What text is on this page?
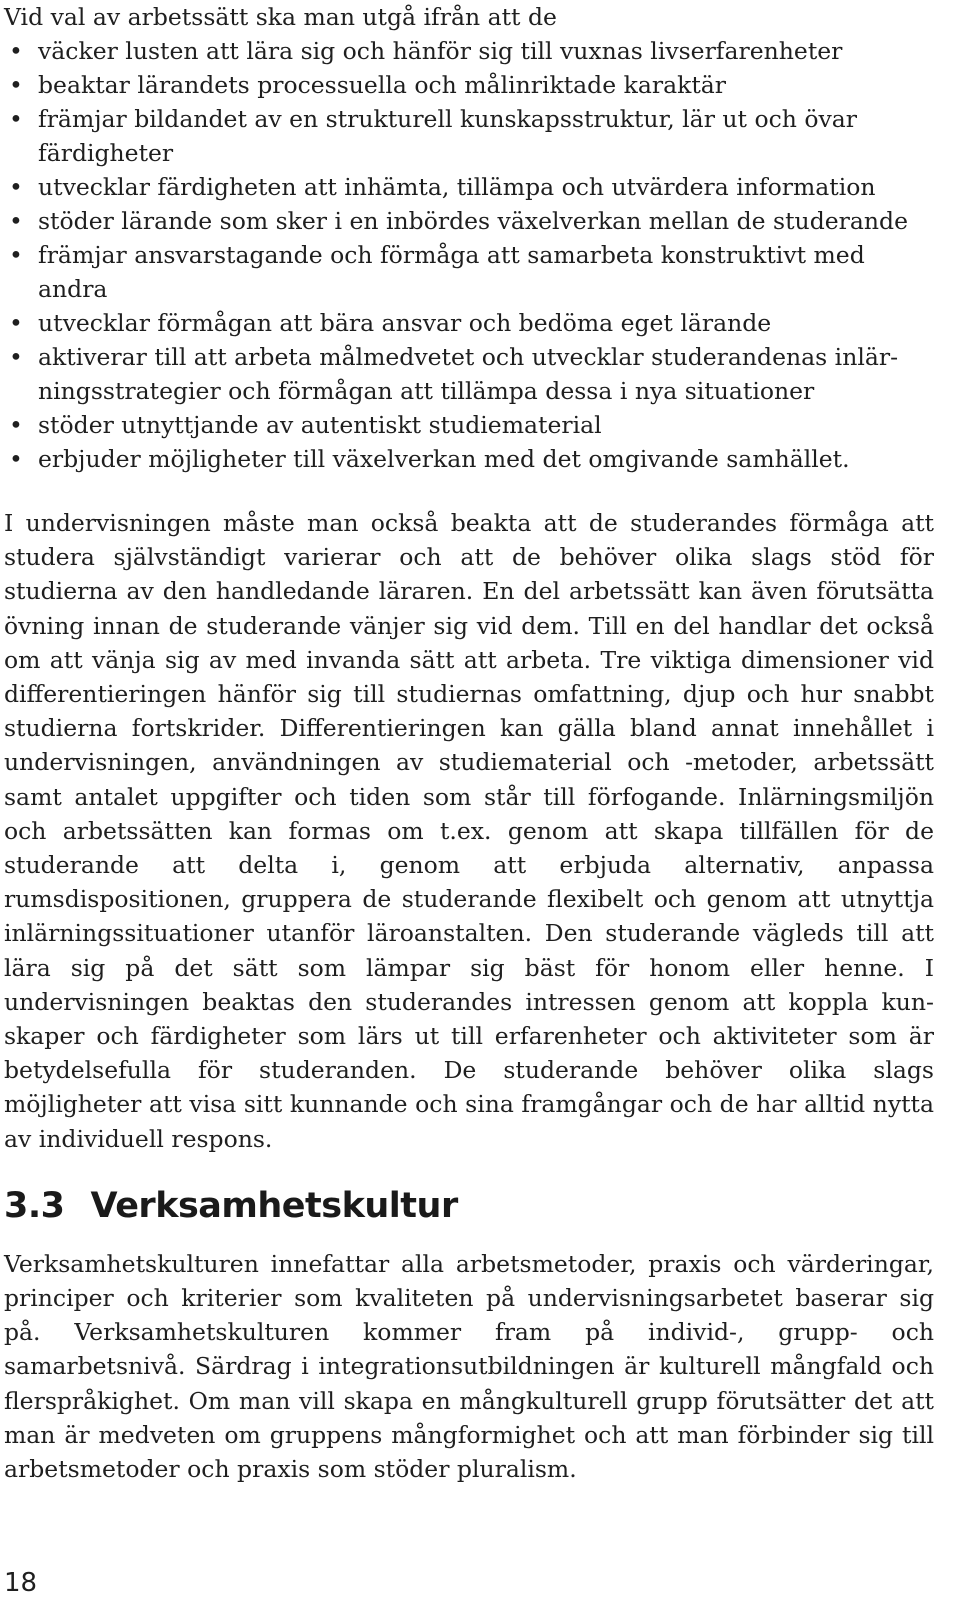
Vid val av arbetssätt ska man utgå ifrån att de

• väcker lusten att lära sig och hänför sig till vuxnas livserfarenheter
• beaktar lärandets processuella och målinriktade karaktär
• främjar bildandet av en strukturell kunskapsstruktur, lär ut och övar färdigheter
• utvecklar färdigheten att inhämta, tillämpa och utvärdera information
• stöder lärande som sker i en inbördes växelverkan mellan de studerande
• främjar ansvarstagande och förmåga att samarbeta konstruktivt med andra
• utvecklar förmågan att bära ansvar och bedöma eget lärande
• aktiverar till att arbeta målmedvetet och utvecklar studerandenas inlärningsstrategier och förmågan att tillämpa dessa i nya situationer
• stöder utnyttjande av autentiskt studiematerial
• erbjuder möjligheter till växelverkan med det omgivande samhället.

I undervisningen måste man också beakta att de studerandes förmåga att studera självständigt varierar och att de behöver olika slags stöd för studierna av den handledande läraren. En del arbetssätt kan även förutsätta övning innan de studerande vänjer sig vid dem. Till en del handlar det också om att vänja sig av med invanda sätt att arbeta. Tre viktiga dimensioner vid differentieringen hänför sig till studiernas omfattning, djup och hur snabbt studierna fortskrider. Differentieringen kan gälla bland annat innehållet i undervisningen, användningen av studiematerial och -metoder, arbetssätt samt antalet uppgifter och tiden som står till förfogande. Inlärningsmiljön och arbetssätten kan formas om t.ex. genom att skapa tillfällen för de studerande att delta i, genom att erbjuda alternativ, anpassa rumsdispositionen, gruppera de studerande flexibelt och genom att utnyttja inlärningssituationer utanför läroanstalten. Den studerande vägleds till att lära sig på det sätt som lämpar sig bäst för honom eller henne. I undervisningen beaktas den studerandes intressen genom att koppla kunskaper och färdigheter som lärs ut till erfarenheter och aktiviteter som är betydelsefulla för studeranden. De studerande behöver olika slags möjligheter att visa sitt kunnande och sina framgångar och de har alltid nytta av individuell respons.

3.3 Verksamhetskultur

Verksamhetskulturen innefattar alla arbetsmetoder, praxis och värderingar, principer och kriterier som kvaliteten på undervisningsarbetet baserar sig på. Verksamhetskulturen kommer fram på individ-, grupp- och samarbetsnivå. Särdrag i integrationsutbildningen är kulturell mångfald och flerspråkighet. Om man vill skapa en mångkulturell grupp förutsätter det att man är medveten om gruppens mångformighet och att man förbinder sig till arbetsmetoder och praxis som stöder pluralism.

18
